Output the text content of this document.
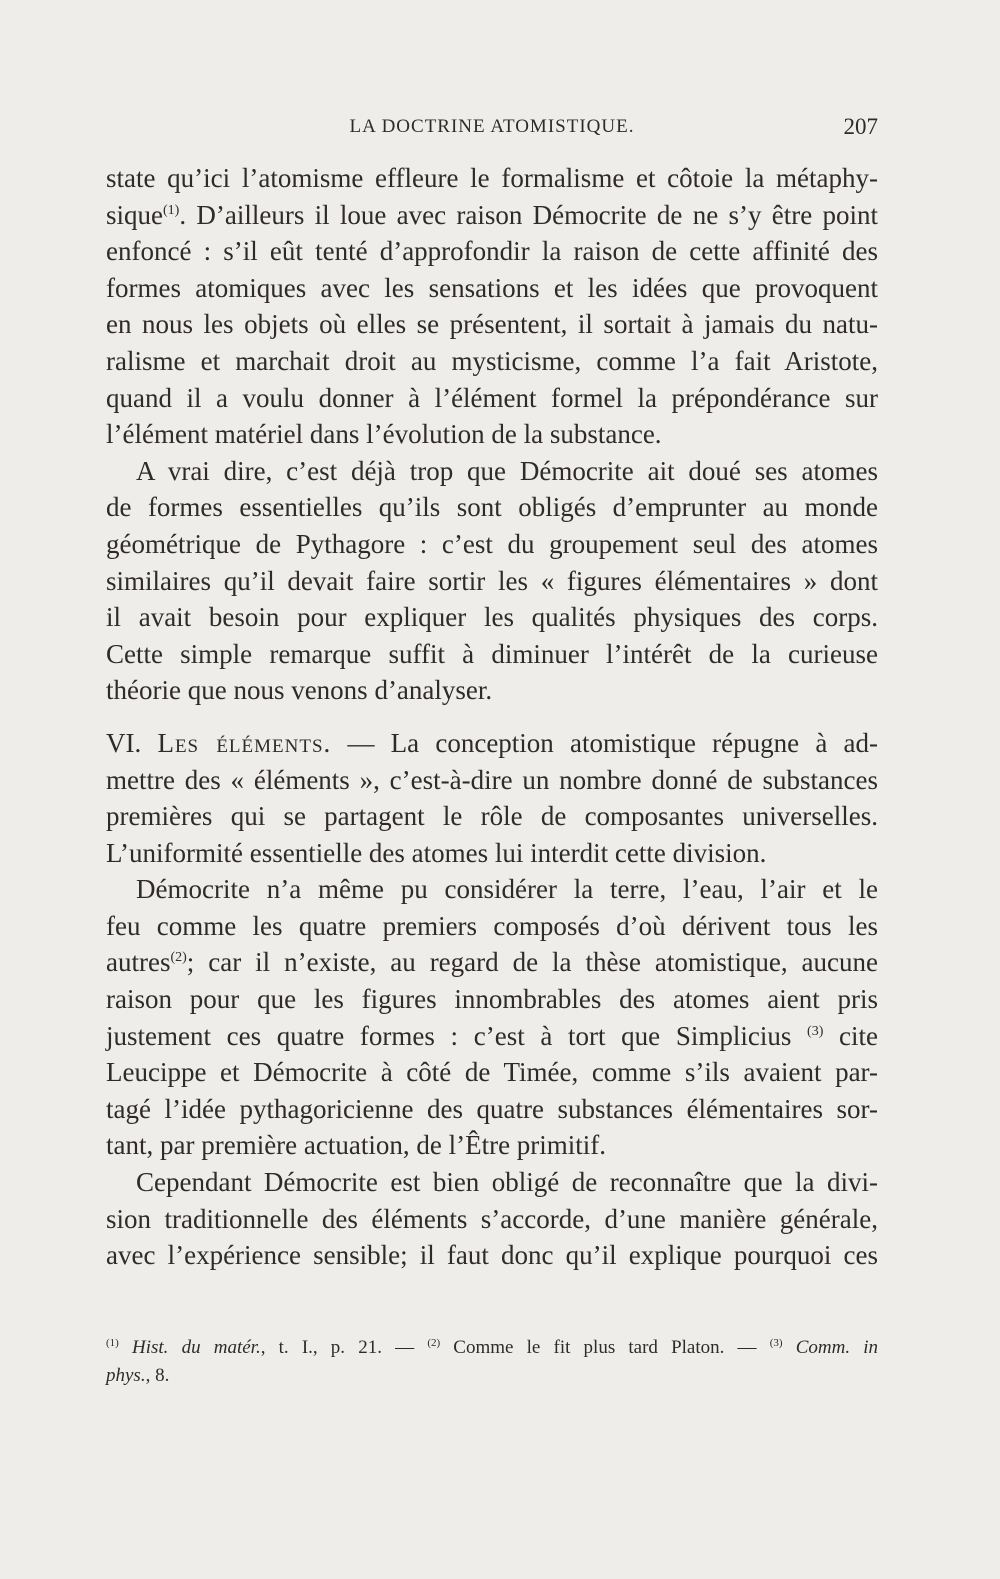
LA DOCTRINE ATOMISTIQUE.	207
state qu’ici l’atomisme effleure le formalisme et côtoie la métaphy-
sique$^{(1)}$. D’ailleurs il loue avec raison Démocrite de ne s’y être point
enfoncé : s’il eût tenté d’approfondir la raison de cette affinité des
formes atomiques avec les sensations et les idées que provoquent
en nous les objets où elles se présentent, il sortait à jamais du natu-
ralisme et marchait droit au mysticisme, comme l’a fait Aristote,
quand il a voulu donner à l’élément formel la prépondérance sur
l’élément matériel dans l’évolution de la substance.
A vrai dire, c’est déjà trop que Démocrite ait doué ses atomes
de formes essentielles qu’ils sont obligés d’emprunter au monde
géométrique de Pythagore : c’est du groupement seul des atomes
similaires qu’il devait faire sortir les « figures élémentaires » dont
il avait besoin pour expliquer les qualités physiques des corps.
Cette simple remarque suffit à diminuer l’intérêt de la curieuse
théorie que nous venons d’analyser.
VI. Les éléments. — La conception atomistique répugne à ad-
mettre des « éléments », c’est-à-dire un nombre donné de substances
premières qui se partagent le rôle de composantes universelles.
L’uniformité essentielle des atomes lui interdit cette division.
Démocrite n’a même pu considérer la terre, l’eau, l’air et le
feu comme les quatre premiers composés d’où dérivent tous les
autres$^{(2)}$; car il n’existe, au regard de la thèse atomistique, aucune
raison pour que les figures innombrables des atomes aient pris
justement ces quatre formes : c’est à tort que Simplicius $^{(3)}$ cite
Leucippe et Démocrite à côté de Timée, comme s’ils avaient par-
tagé l’idée pythagoricienne des quatre substances élémentaires sor-
tant, par première actuation, de l’Être primitif.
Cependant Démocrite est bien obligé de reconnaître que la divi-
sion traditionnelle des éléments s’accorde, d’une manière générale,
avec l’expérience sensible; il faut donc qu’il explique pourquoi ces
$^{(1)}$ Hist. du matér., t. I., p. 21. — $^{(2)}$ Comme le fit plus tard Platon. — $^{(3)}$ Comm. in
phys., 8.
